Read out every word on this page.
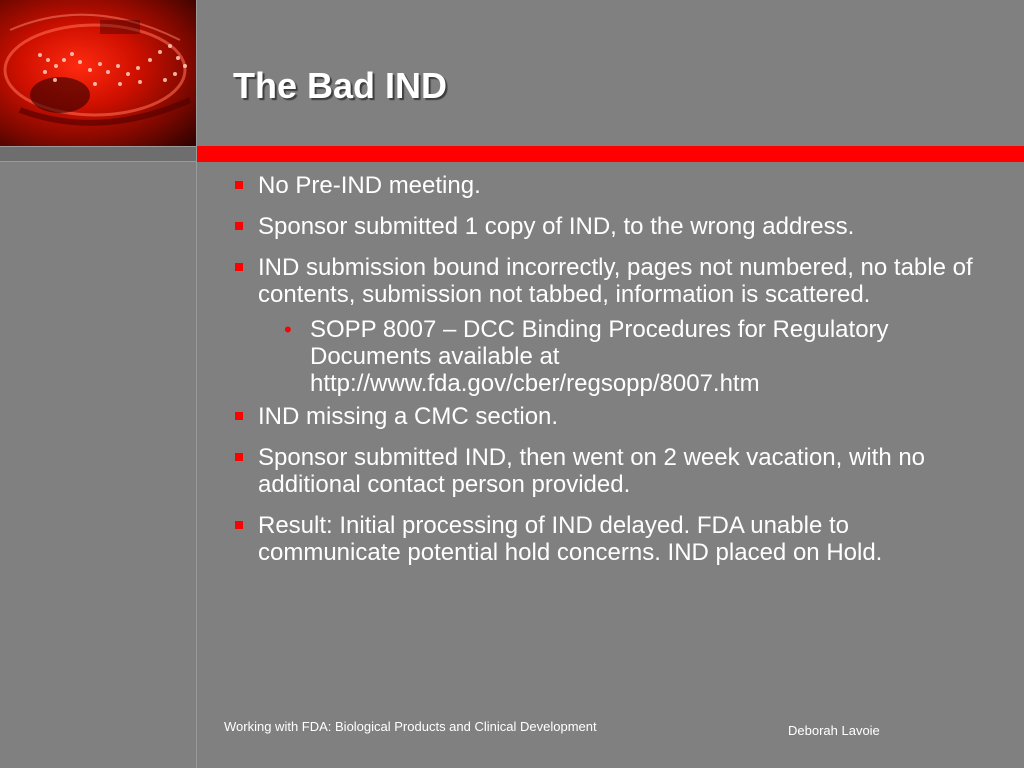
The Bad IND
No Pre-IND meeting.
Sponsor submitted 1 copy of IND, to the wrong address.
IND submission bound incorrectly, pages not numbered, no table of contents, submission not tabbed, information is scattered.
• SOPP 8007 – DCC Binding Procedures for Regulatory Documents available at http://www.fda.gov/cber/regsopp/8007.htm
IND missing a CMC section.
Sponsor submitted IND, then went on 2 week vacation, with no additional contact person provided.
Result: Initial processing of IND delayed. FDA unable to communicate potential hold concerns. IND placed on Hold.
Working with FDA: Biological Products and Clinical Development	Deborah Lavoie
